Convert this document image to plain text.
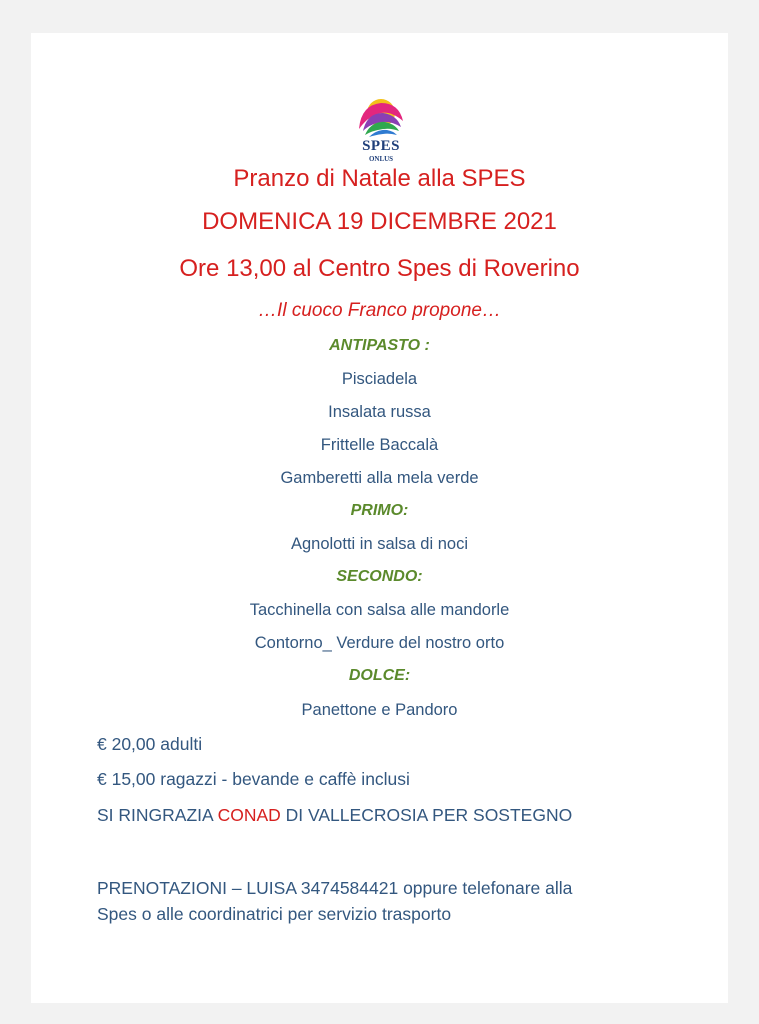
SPES
ONLUS
Pranzo di Natale alla SPES
DOMENICA 19 DICEMBRE 2021
Ore 13,00 al Centro Spes di Roverino
…Il cuoco Franco propone…
ANTIPASTO :
Pisciadela
Insalata russa
Frittelle Baccalà
Gamberetti alla mela verde
PRIMO:
Agnolotti in salsa di noci
SECONDO:
Tacchinella con salsa alle mandorle
Contorno_ Verdure del nostro orto
DOLCE:
Panettone e Pandoro
€ 20,00 adulti
€ 15,00 ragazzi - bevande e caffè inclusi
SI RINGRAZIA CONAD DI VALLECROSIA PER SOSTEGNO
PRENOTAZIONI – LUISA 3474584421 oppure telefonare alla
Spes o alle coordinatrici per servizio trasporto
